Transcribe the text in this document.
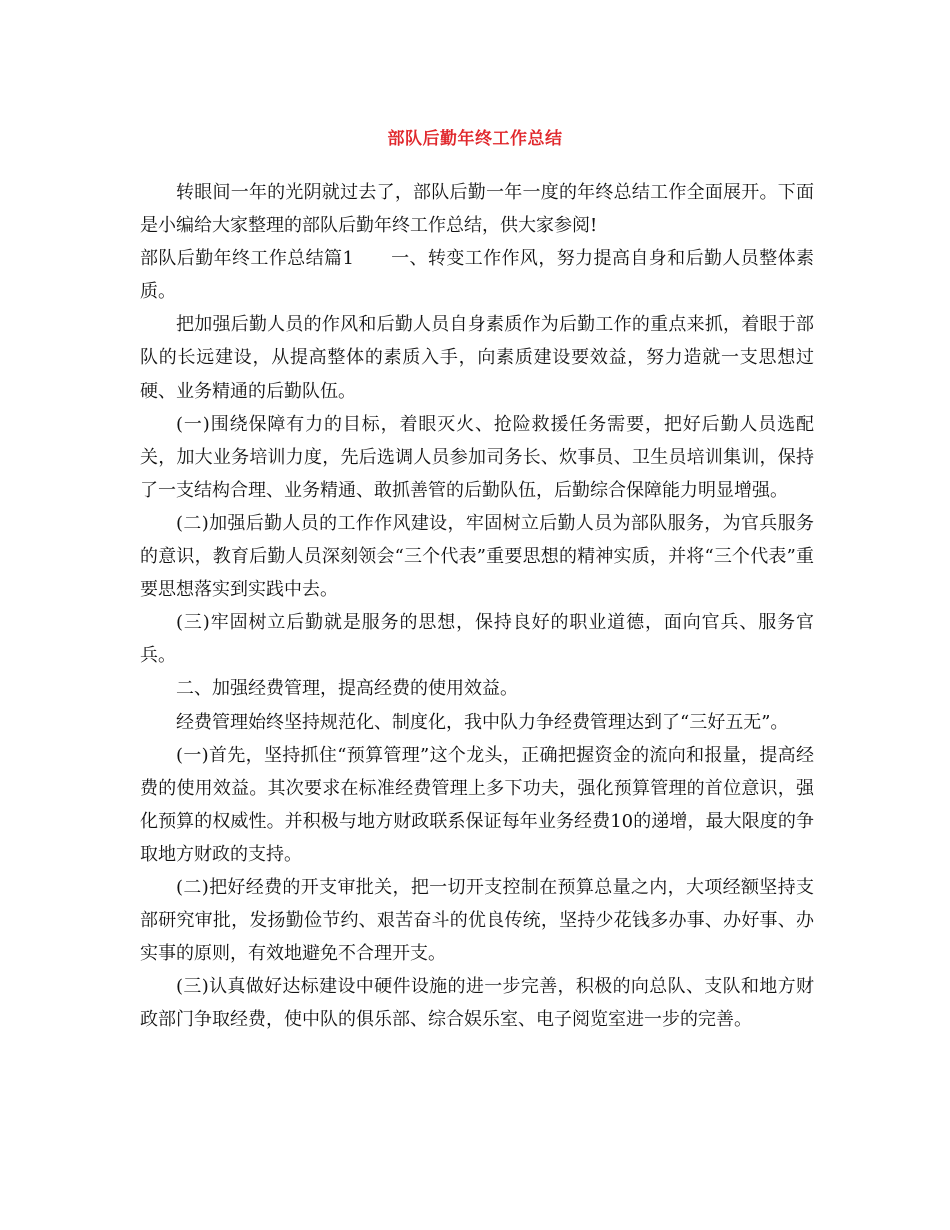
部队后勤年终工作总结

转眼间一年的光阴就过去了，部队后勤一年一度的年终总结工作全面展开。下面是小编给大家整理的部队后勤年终工作总结，供大家参阅!

部队后勤年终工作总结篇1　　一、转变工作作风，努力提高自身和后勤人员整体素质。

把加强后勤人员的作风和后勤人员自身素质作为后勤工作的重点来抓，着眼于部队的长远建设，从提高整体的素质入手，向素质建设要效益，努力造就一支思想过硬、业务精通的后勤队伍。

(一)围绕保障有力的目标，着眼灭火、抢险救援任务需要，把好后勤人员选配关，加大业务培训力度，先后选调人员参加司务长、炊事员、卫生员培训集训，保持了一支结构合理、业务精通、敢抓善管的后勤队伍，后勤综合保障能力明显增强。

(二)加强后勤人员的工作作风建设，牢固树立后勤人员为部队服务，为官兵服务的意识，教育后勤人员深刻领会“三个代表”重要思想的精神实质，并将“三个代表”重要思想落实到实践中去。

(三)牢固树立后勤就是服务的思想，保持良好的职业道德，面向官兵、服务官兵。

二、加强经费管理，提高经费的使用效益。

经费管理始终坚持规范化、制度化，我中队力争经费管理达到了“三好五无”。

(一)首先，坚持抓住“预算管理”这个龙头，正确把握资金的流向和报量，提高经费的使用效益。其次要求在标准经费管理上多下功夫，强化预算管理的首位意识，强化预算的权威性。并积极与地方财政联系保证每年业务经费10的递增，最大限度的争取地方财政的支持。

(二)把好经费的开支审批关，把一切开支控制在预算总量之内，大项经额坚持支部研究审批，发扬勤俭节约、艰苦奋斗的优良传统，坚持少花钱多办事、办好事、办实事的原则，有效地避免不合理开支。

(三)认真做好达标建设中硬件设施的进一步完善，积极的向总队、支队和地方财政部门争取经费，使中队的俱乐部、综合娱乐室、电子阅览室进一步的完善。
